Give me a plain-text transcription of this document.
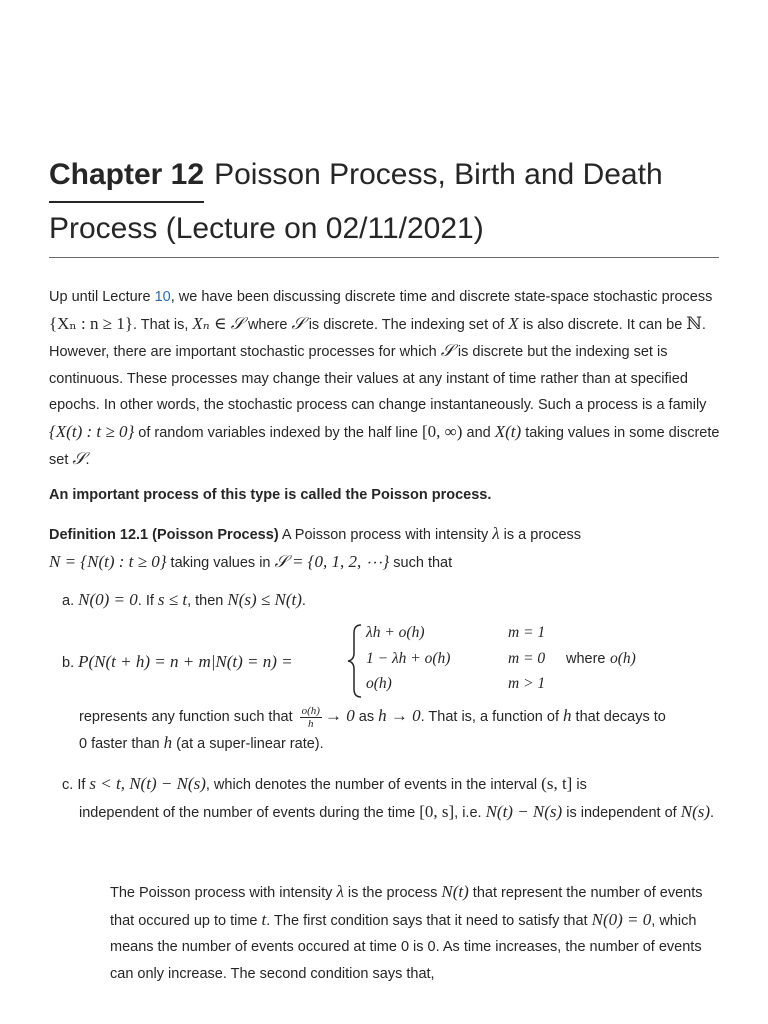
Chapter 12 Poisson Process, Birth and Death
Process (Lecture on 02/11/2021)
Up until Lecture 10, we have been discussing discrete time and discrete state-space stochastic process {Xₙ : n ≥ 1}. That is, Xₙ ∈ 𝒮 where 𝒮 is discrete. The indexing set of X is also discrete. It can be ℕ. However, there are important stochastic processes for which 𝒮 is discrete but the indexing set is continuous. These processes may change their values at any instant of time rather than at specified epochs. In other words, the stochastic process can change instantaneously. Such a process is a family {X(t) : t ≥ 0} of random variables indexed by the half line [0, ∞) and X(t) taking values in some discrete set 𝒮.
An important process of this type is called the Poisson process.
Definition 12.1 (Poisson Process) A Poisson process with intensity λ is a process
N = {N(t) : t ≥ 0} taking values in 𝒮 = {0, 1, 2, ⋯} such that
a. N(0) = 0. If s ≤ t, then N(s) ≤ N(t).
b. P(N(t + h) = n + m|N(t) = n) =
λh + o(h)	m = 1
1 − λh + o(h)	m = 0 where o(h)
o(h)	m > 1
represents any function such that $\frac{o(h)}{h} \to 0$ as h → 0. That is, a function of h that decays to
0 faster than h (at a super-linear rate).
c. If s < t, N(t) − N(s), which denotes the number of events in the interval (s, t] is
independent of the number of events during the time [0, s], i.e. N(t) − N(s) is independent of N(s).
The Poisson process with intensity λ is the process N(t) that represent the number of events that occured up to time t. The first condition says that it need to satisfy that N(0) = 0, which means the number of events occured at time 0 is 0. As time increases, the number of events can only increase. The second condition says that,
